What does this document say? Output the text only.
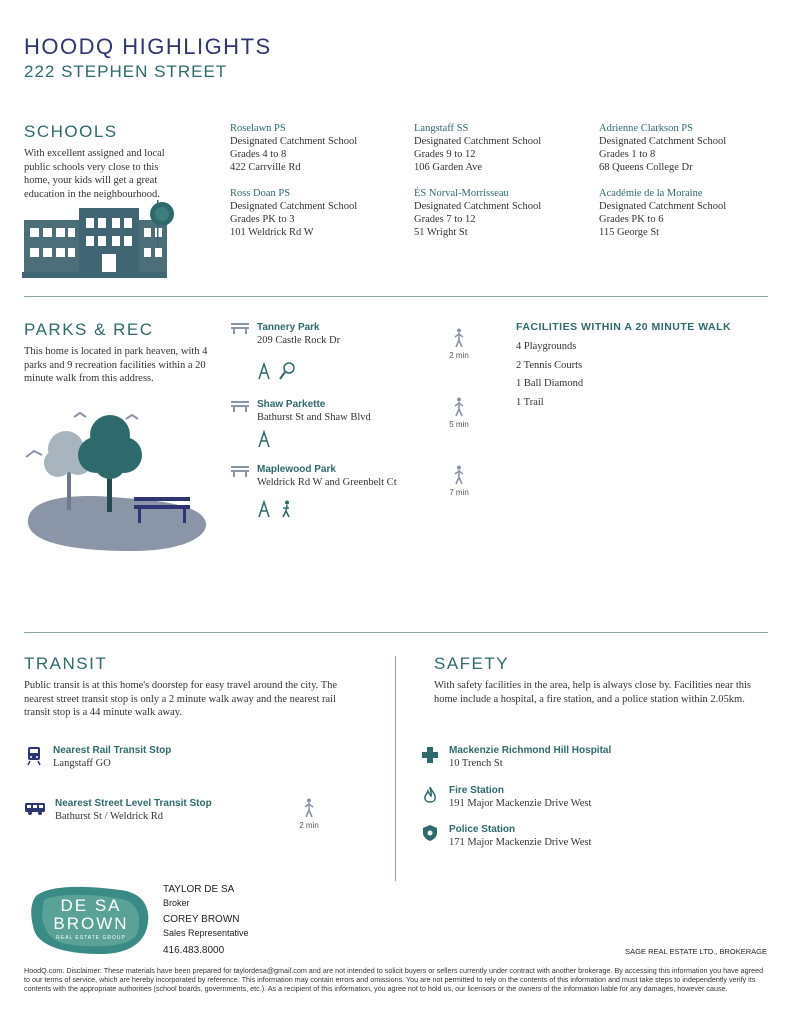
HOODQ HIGHLIGHTS
222 STEPHEN STREET
SCHOOLS
With excellent assigned and local public schools very close to this home, your kids will get a great education in the neighbourhood.
Roselawn PS
Designated Catchment School
Grades 4 to 8
422 Carrville Rd
Langstaff SS
Designated Catchment School
Grades 9 to 12
106 Garden Ave
Adrienne Clarkson PS
Designated Catchment School
Grades 1 to 8
68 Queens College Dr
Ross Doan PS
Designated Catchment School
Grades PK to 3
101 Weldrick Rd W
ÉS Norval-Morrisseau
Designated Catchment School
Grades 7 to 12
51 Wright St
Académie de la Moraine
Designated Catchment School
Grades PK to 6
115 George St
PARKS & REC
This home is located in park heaven, with 4 parks and 9 recreation facilities within a 20 minute walk from this address.
Tannery Park
209 Castle Rock Dr
2 min
Shaw Parkette
Bathurst St and Shaw Blvd
5 min
Maplewood Park
Weldrick Rd W and Greenbelt Ct
7 min
FACILITIES WITHIN A 20 MINUTE WALK
4 Playgrounds
2 Tennis Courts
1 Ball Diamond
1 Trail
TRANSIT
Public transit is at this home's doorstep for easy travel around the city. The nearest street transit stop is only a 2 minute walk away and the nearest rail transit stop is a 44 minute walk away.
Nearest Rail Transit Stop
Langstaff GO
Nearest Street Level Transit Stop
Bathurst St / Weldrick Rd
2 min
SAFETY
With safety facilities in the area, help is always close by. Facilities near this home include a hospital, a fire station, and a police station within 2.05km.
Mackenzie Richmond Hill Hospital
10 Trench St
Fire Station
191 Major Mackenzie Drive West
Police Station
171 Major Mackenzie Drive West
DE SA
BROWN
REAL ESTATE GROUP
TAYLOR DE SA
Broker
COREY BROWN
Sales Representative
416.483.8000	SAGE REAL ESTATE LTD., BROKERAGE
HoodQ.com. Disclaimer: These materials have been prepared for taylordesa@gmail.com and are not intended to solicit buyers or sellers currently under contract with another brokerage. By accessing this information you have agreed to our terms of service, which are hereby incorporated by reference. This information may contain errors and omissions. You are not permitted to rely on the contents of this information and must take steps to independently verify its contents with the appropriate authorities (school boards, governments, etc.). As a recipient of this information, you agree not to hold us, our licensors or the owners of the information liable for any damages, however cause.
